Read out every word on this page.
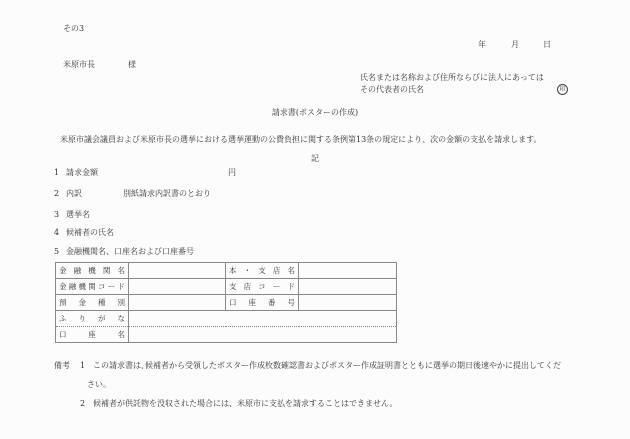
その3
年	月	日
米原市長	様
氏名または名称および住所ならびに法人にあっては
その代表者の氏名	印
請求書(ポスターの作成)
米原市議会議員および米原市長の選挙における選挙運動の公費負担に関する条例第13条の規定により、次の金額の支払を請求します。
記
1 請求金額	円
2 内訳	別紙請求内訳書のとおり
3 選挙名
4 候補者の氏名
5 金融機関名、口座名および口座番号
金 融 機 関 名		本 ・ 支 店 名	

金 融 機 関 コ ー ド		支 店 コ ー ド

預 金 種 別		口 座 番 号	

ふ り が な			

口 座 名			

備考 1 この請求書は､候補者から受領したポスター作成枚数確認書およびポスター作成証明書とともに選挙の期日後速やかに提出してくだ
さい。
2 候補者が供託物を没収された場合には、米原市に支払を請求することはできません。
